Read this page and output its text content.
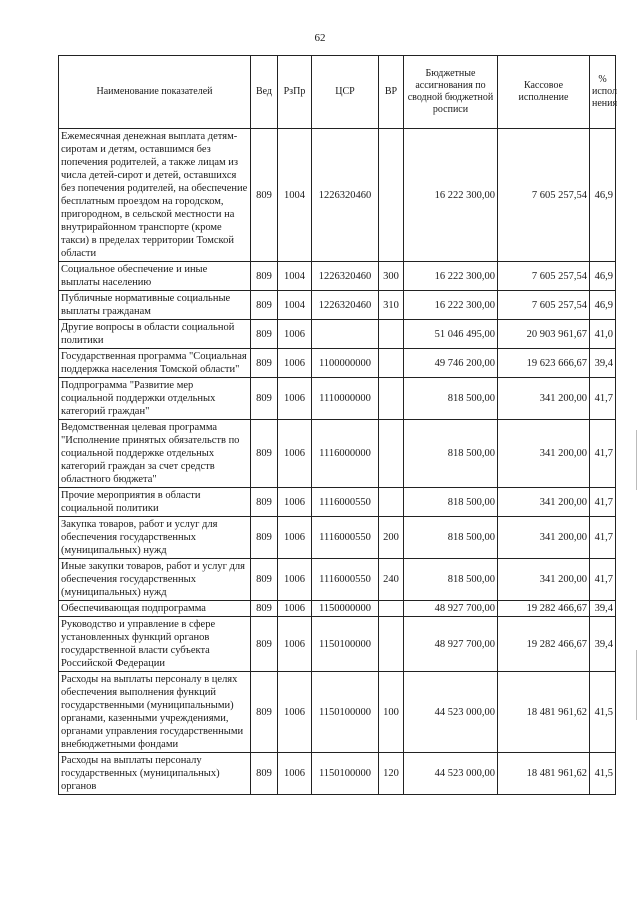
62
Наименование показателей	Вед	РзПр	ЦСР	ВР	Бюджетные ассигнования по сводной бюджетной росписи	Кассовое исполнение	% испол нения
Ежемесячная денежная выплата детям-сиротам и детям, оставшимся без попечения родителей, а также лицам из числа детей-сирот и детей, оставшихся без попечения родителей, на обеспечение бесплатным проездом на городском, пригородном, в сельской местности на внутрирайонном транспорте (кроме такси) в пределах территории Томской области	809	1004	1226320460		16 222 300,00	7 605 257,54	46,9
Социальное обеспечение и иные выплаты населению	809	1004	1226320460	300	16 222 300,00	7 605 257,54	46,9
Публичные нормативные социальные выплаты гражданам	809	1004	1226320460	310	16 222 300,00	7 605 257,54	46,9
Другие вопросы в области социальной политики	809	1006			51 046 495,00	20 903 961,67	41,0
Государственная программа "Социальная поддержка населения Томской области"	809	1006	1100000000		49 746 200,00	19 623 666,67	39,4
Подпрограмма "Развитие мер социальной поддержки отдельных категорий граждан"	809	1006	1110000000		818 500,00	341 200,00	41,7
Ведомственная целевая программа "Исполнение принятых обязательств по социальной поддержке отдельных категорий граждан за счет средств областного бюджета"	809	1006	1116000000		818 500,00	341 200,00	41,7
Прочие мероприятия в области социальной политики	809	1006	1116000550		818 500,00	341 200,00	41,7
Закупка товаров, работ и услуг для обеспечения государственных (муниципальных) нужд	809	1006	1116000550	200	818 500,00	341 200,00	41,7
Иные закупки товаров, работ и услуг для обеспечения государственных (муниципальных) нужд	809	1006	1116000550	240	818 500,00	341 200,00	41,7
Обеспечивающая подпрограмма	809	1006	1150000000		48 927 700,00	19 282 466,67	39,4
Руководство и управление в сфере установленных функций органов государственной власти субъекта Российской Федерации	809	1006	1150100000		48 927 700,00	19 282 466,67	39,4
Расходы на выплаты персоналу в целях обеспечения выполнения функций государственными (муниципальными) органами, казенными учреждениями, органами управления государственными внебюджетными фондами	809	1006	1150100000	100	44 523 000,00	18 481 961,62	41,5
Расходы на выплаты персоналу государственных (муниципальных) органов	809	1006	1150100000	120	44 523 000,00	18 481 961,62	41,5
